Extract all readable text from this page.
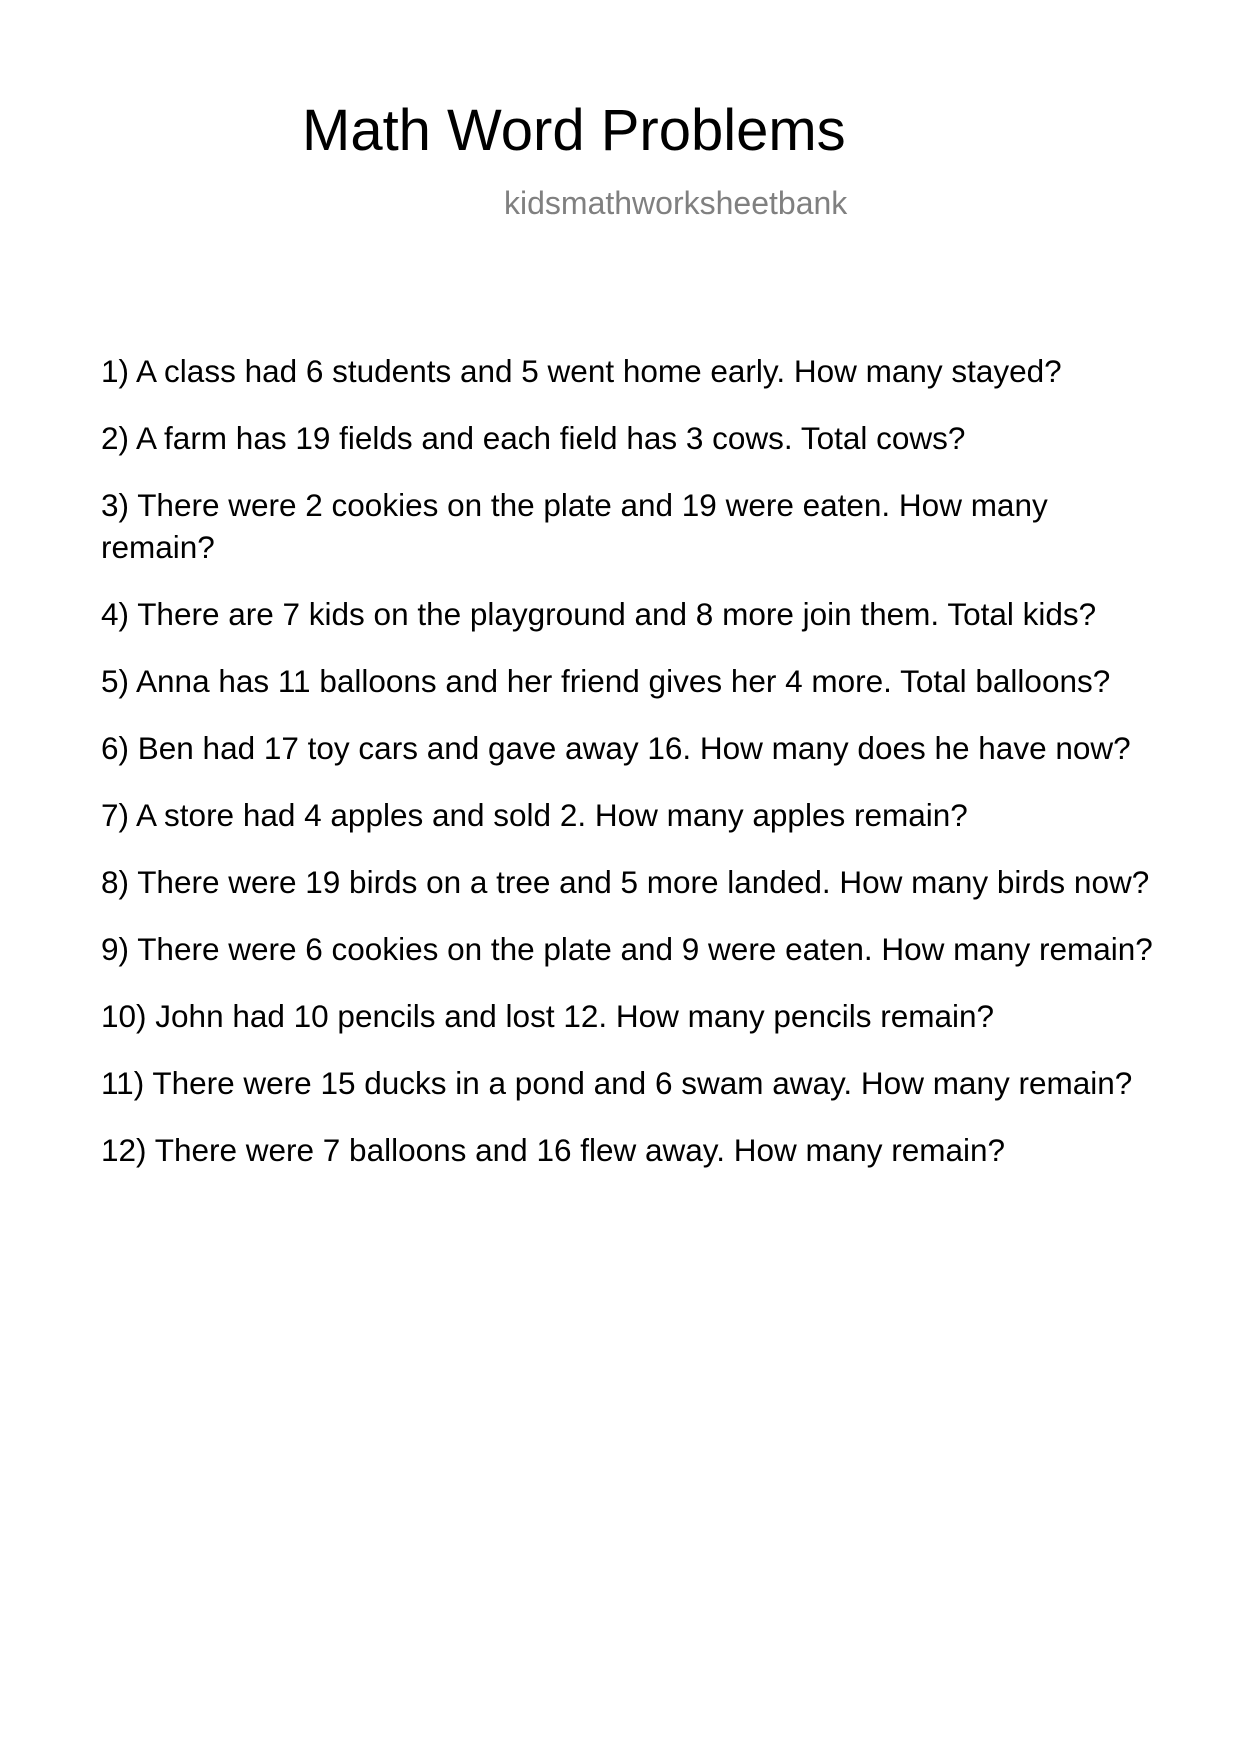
Math Word Problems
kidsmathworksheetbank
1) A class had 6 students and 5 went home early. How many stayed?
2) A farm has 19 fields and each field has 3 cows. Total cows?
3) There were 2 cookies on the plate and 19 were eaten. How many remain?
4) There are 7 kids on the playground and 8 more join them. Total kids?
5) Anna has 11 balloons and her friend gives her 4 more. Total balloons?
6) Ben had 17 toy cars and gave away 16. How many does he have now?
7) A store had 4 apples and sold 2. How many apples remain?
8) There were 19 birds on a tree and 5 more landed. How many birds now?
9) There were 6 cookies on the plate and 9 were eaten. How many remain?
10) John had 10 pencils and lost 12. How many pencils remain?
11) There were 15 ducks in a pond and 6 swam away. How many remain?
12) There were 7 balloons and 16 flew away. How many remain?
